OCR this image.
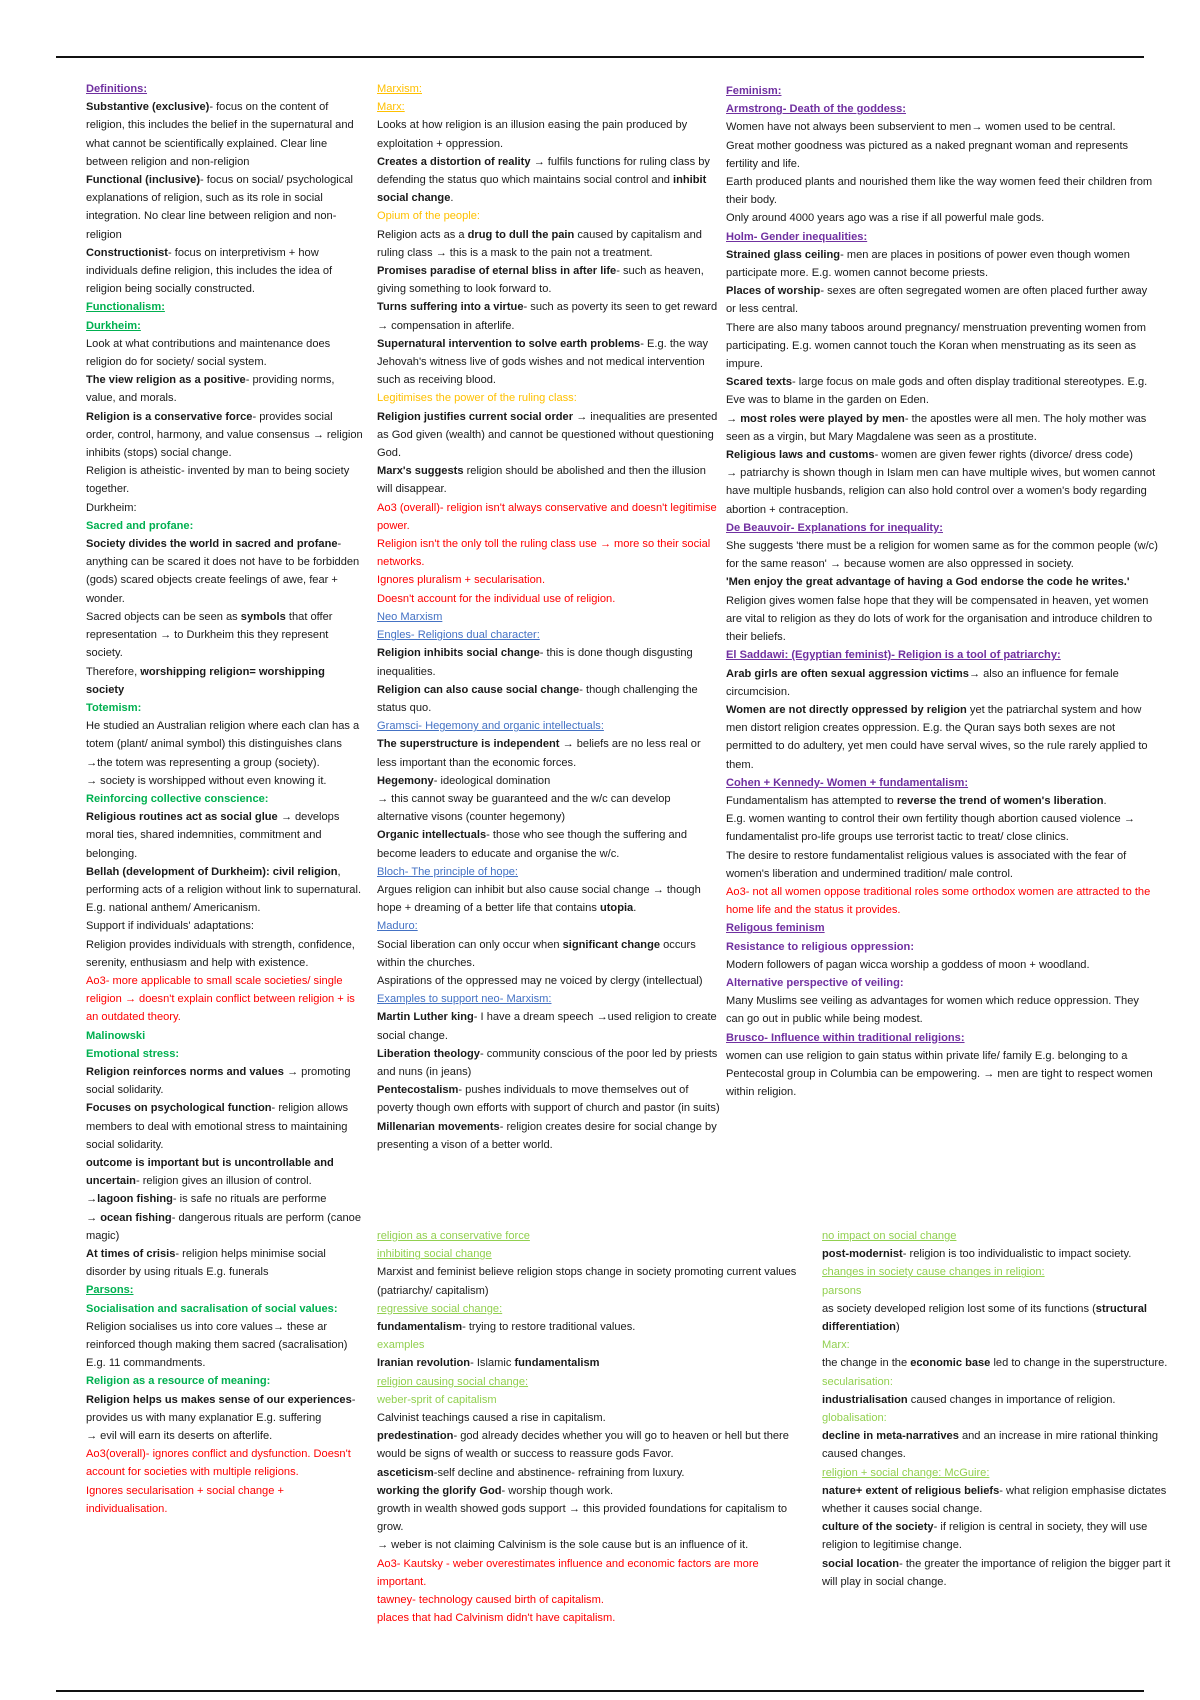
Definitions:
Substantive (exclusive)- focus on the content of religion, this includes the belief in the supernatural and what cannot be scientifically explained. Clear line between religion and non-religion
Functional (inclusive)- focus on social/ psychological explanations of religion, such as its role in social integration. No clear line between religion and non-religion
Constructionist- focus on interpretivism + how individuals define religion, this includes the idea of religion being socially constructed.
Functionalism:
Durkheim:
Look at what contributions and maintenance does religion do for society/ social system.
The view religion as a positive- providing norms, value, and morals.
Religion is a conservative force- provides social order, control, harmony, and value consensus → religion inhibits (stops) social change.
Religion is atheistic- invented by man to being society together.
Durkheim:
Sacred and profane:
Society divides the world in sacred and profane- anything can be scared it does not have to be forbidden (gods) scared objects create feelings of awe, fear + wonder.
Sacred objects can be seen as symbols that offer representation → to Durkheim this they represent society.
Therefore, worshipping religion= worshipping society
Totemism:
He studied an Australian religion where each clan has a totem (plant/ animal symbol) this distinguishes clans →the totem was representing a group (society).
→ society is worshipped without even knowing it.
Reinforcing collective conscience:
Religious routines act as social glue → develops moral ties, shared indemnities, commitment and belonging.
Bellah (development of Durkheim): civil religion, performing acts of a religion without link to supernatural. E.g. national anthem/ Americanism.
Support if individuals' adaptations:
Religion provides individuals with strength, confidence, serenity, enthusiasm and help with existence.
Ao3- more applicable to small scale societies/ single religion → doesn't explain conflict between religion + is an outdated theory.
Malinowski
Emotional stress:
Religion reinforces norms and values → promoting social solidarity.
Focuses on psychological function- religion allows members to deal with emotional stress to maintaining social solidarity.
outcome is important but is uncontrollable and uncertain- religion gives an illusion of control.
→lagoon fishing- is safe no rituals are performe
→ ocean fishing- dangerous rituals are perform (canoe magic)
At times of crisis- religion helps minimise social disorder by using rituals E.g. funerals
Parsons:
Socialisation and sacralisation of social values:
Religion socialises us into core values→ these ar reinforced though making them sacred (sacralisation) E.g. 11 commandments.
Religion as a resource of meaning:
Religion helps us makes sense of our experiences- provides us with many explanatior E.g. suffering
→ evil will earn its deserts on afterlife.
Ao3(overall)- ignores conflict and dysfunction. Doesn't account for societies with multiple religions.
Ignores secularisation + social change + individualisation.
Marxism:
Marx:
Looks at how religion is an illusion easing the pain produced by exploitation + oppression.
Creates a distortion of reality → fulfils functions for ruling class by defending the status quo which maintains social control and inhibit social change.
Opium of the people:
Religion acts as a drug to dull the pain caused by capitalism and ruling class → this is a mask to the pain not a treatment.
Promises paradise of eternal bliss in after life- such as heaven, giving something to look forward to.
Turns suffering into a virtue- such as poverty its seen to get reward → compensation in afterlife.
Supernatural intervention to solve earth problems- E.g. the way Jehovah's witness live of gods wishes and not medical intervention such as receiving blood.
Legitimises the power of the ruling class:
Religion justifies current social order → inequalities are presented as God given (wealth) and cannot be questioned without questioning God.
Marx's suggests religion should be abolished and then the illusion will disappear.
Ao3 (overall)- religion isn't always conservative and doesn't legitimise power.
Religion isn't the only toll the ruling class use → more so their social networks.
Ignores pluralism + secularisation.
Doesn't account for the individual use of religion.
Neo Marxism
Engles- Religions dual character:
Religion inhibits social change- this is done though disgusting inequalities.
Religion can also cause social change- though challenging the status quo.
Gramsci- Hegemony and organic intellectuals:
The superstructure is independent → beliefs are no less real or less important than the economic forces.
Hegemony- ideological domination
→ this cannot sway be guaranteed and the w/c can develop alternative visons (counter hegemony)
Organic intellectuals- those who see though the suffering and become leaders to educate and organise the w/c.
Bloch- The principle of hope:
Argues religion can inhibit but also cause social change → though hope + dreaming of a better life that contains utopia.
Maduro:
Social liberation can only occur when significant change occurs within the churches.
Aspirations of the oppressed may ne voiced by clergy (intellectual)
Examples to support neo- Marxism:
Martin Luther king- I have a dream speech →used religion to create social change.
Liberation theology- community conscious of the poor led by priests and nuns (in jeans)
Pentecostalism- pushes individuals to move themselves out of poverty though own efforts with support of church and pastor (in suits)
Millenarian movements- religion creates desire for social change by presenting a vison of a better world.
Feminism:
Armstrong- Death of the goddess:
Women have not always been subservient to men→ women used to be central.
Great mother goodness was pictured as a naked pregnant woman and represents fertility and life.
Earth produced plants and nourished them like the way women feed their children from their body.
Only around 4000 years ago was a rise if all powerful male gods.
Holm- Gender inequalities:
Strained glass ceiling- men are places in positions of power even though women participate more. E.g. women cannot become priests.
Places of worship- sexes are often segregated women are often placed further away or less central.
There are also many taboos around pregnancy/ menstruation preventing women from participating. E.g. women cannot touch the Koran when menstruating as its seen as impure.
Scared texts- large focus on male gods and often display traditional stereotypes. E.g. Eve was to blame in the garden on Eden.
→ most roles were played by men- the apostles were all men. The holy mother was seen as a virgin, but Mary Magdalene was seen as a prostitute.
Religious laws and customs- women are given fewer rights (divorce/ dress code)
→ patriarchy is shown though in Islam men can have multiple wives, but women cannot have multiple husbands, religion can also hold control over a women's body regarding abortion + contraception.
De Beauvoir- Explanations for inequality:
She suggests 'there must be a religion for women same as for the common people (w/c) for the same reason' → because women are also oppressed in society.
'Men enjoy the great advantage of having a God endorse the code he writes.'
Religion gives women false hope that they will be compensated in heaven, yet women are vital to religion as they do lots of work for the organisation and introduce children to their beliefs.
El Saddawi: (Egyptian feminist)- Religion is a tool of patriarchy:
Arab girls are often sexual aggression victims→ also an influence for female circumcision.
Women are not directly oppressed by religion yet the patriarchal system and how men distort religion creates oppression. E.g. the Quran says both sexes are not permitted to do adultery, yet men could have serval wives, so the rule rarely applied to them.
Cohen + Kennedy- Women + fundamentalism:
Fundamentalism has attempted to reverse the trend of women's liberation.
E.g. women wanting to control their own fertility though abortion caused violence → fundamentalist pro-life groups use terrorist tactic to treat/ close clinics.
The desire to restore fundamentalist religious values is associated with the fear of women's liberation and undermined tradition/ male control.
Ao3- not all women oppose traditional roles some orthodox women are attracted to the home life and the status it provides.
Religous feminism
Resistance to religious oppression:
Modern followers of pagan wicca worship a goddess of moon + woodland.
Alternative perspective of veiling:
Many Muslims see veiling as advantages for women which reduce oppression. They can go out in public while being modest.
Brusco- Influence within traditional religions:
women can use religion to gain status within private life/ family E.g. belonging to a Pentecostal group in Columbia can be empowering. → men are tight to respect women within religion.
religion as a conservative force
inhibiting social change
Marxist and feminist believe religion stops change in society promoting current values (patriarchy/ capitalism)
regressive social change:
fundamentalism- trying to restore traditional values.
examples
Iranian revolution- Islamic fundamentalism
religion causing social change:
weber-sprit of capitalism
Calvinist teachings caused a rise in capitalism.
predestination- god already decides whether you will go to heaven or hell but there would be signs of wealth or success to reassure gods Favor.
asceticism-self decline and abstinence- refraining from luxury.
working the glorify God- worship though work.
growth in wealth showed gods support → this provided foundations for capitalism to grow.
→ weber is not claiming Calvinism is the sole cause but is an influence of it.
Ao3- Kautsky - weber overestimates influence and economic factors are more important.
tawney- technology caused birth of capitalism.
places that had Calvinism didn't have capitalism.
no impact on social change
post-modernist- religion is too individualistic to impact society.
changes in society cause changes in religion:
parsons
as society developed religion lost some of its functions (structural differentiation)
Marx:
the change in the economic base led to change in the superstructure.
secularisation:
industrialisation caused changes in importance of religion.
globalisation:
decline in meta-narratives and an increase in mire rational thinking caused changes.
religion + social change: McGuire:
nature+ extent of religious beliefs- what religion emphasise dictates whether it causes social change.
culture of the society- if religion is central in society, they will use religion to legitimise change.
social location- the greater the importance of religion the bigger part it will play in social change.
